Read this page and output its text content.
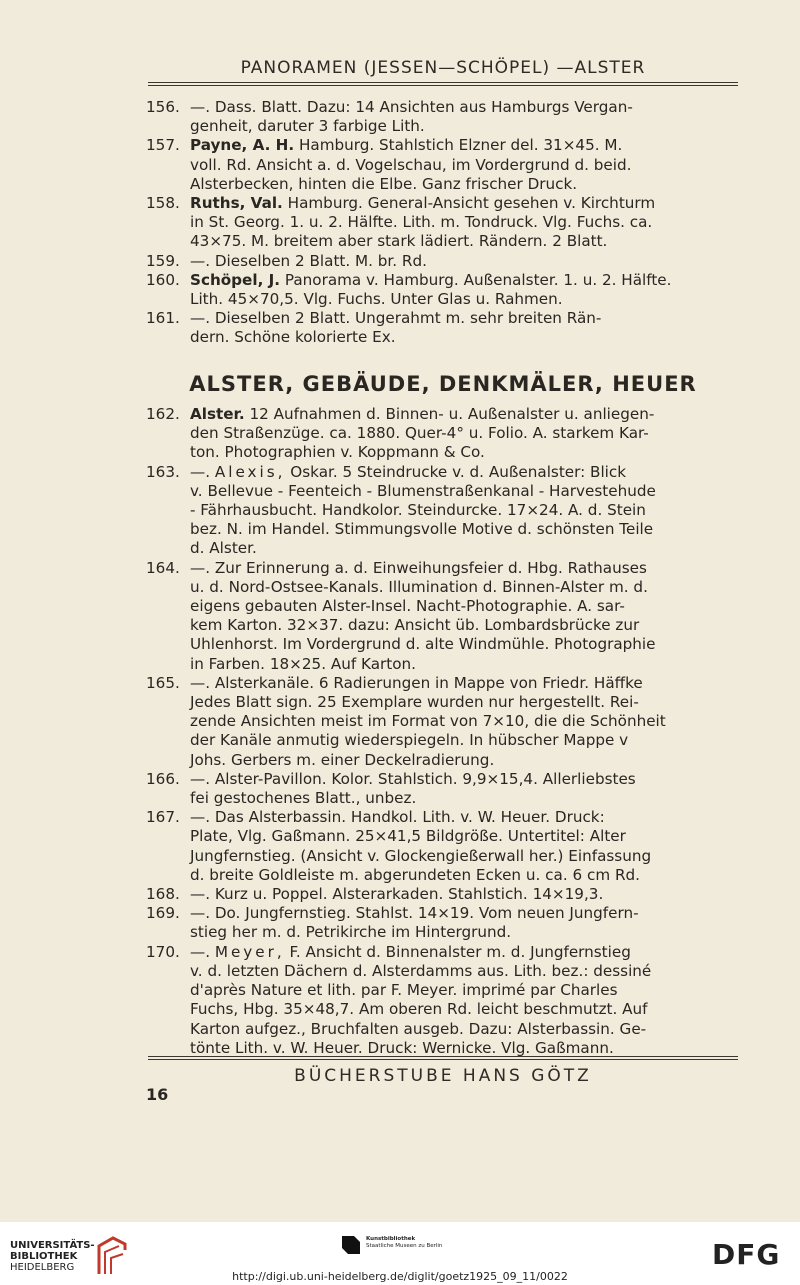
PANORAMEN (JESSEN—SCHÖPEL) —ALSTER
156. —. Dass. Blatt. Dazu: 14 Ansichten aus Hamburgs Vergan-
genheit, daruter 3 farbige Lith.
157. Payne, A. H. Hamburg. Stahlstich Elzner del. 31×45. M.
voll. Rd. Ansicht a. d. Vogelschau, im Vordergrund d. beid.
Alsterbecken, hinten die Elbe. Ganz frischer Druck.
158. Ruths, Val. Hamburg. General-Ansicht gesehen v. Kirchturm
in St. Georg. 1. u. 2. Hälfte. Lith. m. Tondruck. Vlg. Fuchs. ca.
43×75. M. breitem aber stark lädiert. Rändern. 2 Blatt.
159. —. Dieselben 2 Blatt. M. br. Rd.
160. Schöpel, J. Panorama v. Hamburg. Außenalster. 1. u. 2. Hälfte.
Lith. 45×70,5. Vlg. Fuchs. Unter Glas u. Rahmen.
161. —. Dieselben 2 Blatt. Ungerahmt m. sehr breiten Rän-
dern. Schöne kolorierte Ex.
ALSTER, GEBÄUDE, DENKMÄLER, HEUER
162. Alster. 12 Aufnahmen d. Binnen- u. Außenalster u. anliegen-
den Straßenzüge. ca. 1880. Quer-4° u. Folio. A. starkem Kar-
ton. Photographien v. Koppmann & Co.
163. —. Alexis, Oskar. 5 Steindrucke v. d. Außenalster: Blick
v. Bellevue - Feenteich - Blumenstraßenkanal - Harvestehude
- Fährhausbucht. Handkolor. Steindurcke. 17×24. A. d. Stein
bez. N. im Handel. Stimmungsvolle Motive d. schönsten Teile
d. Alster.
164. —. Zur Erinnerung a. d. Einweihungsfeier d. Hbg. Rathauses
u. d. Nord-Ostsee-Kanals. Illumination d. Binnen-Alster m. d.
eigens gebauten Alster-Insel. Nacht-Photographie. A. sar-
kem Karton. 32×37. dazu: Ansicht üb. Lombardsbrücke zur
Uhlenhorst. Im Vordergrund d. alte Windmühle. Photographie
in Farben. 18×25. Auf Karton.
165. —. Alsterkanäle. 6 Radierungen in Mappe von Friedr. Häffke
Jedes Blatt sign. 25 Exemplare wurden nur hergestellt. Rei-
zende Ansichten meist im Format von 7×10, die die Schönheit
der Kanäle anmutig wiederspiegeln. In hübscher Mappe v
Johs. Gerbers m. einer Deckelradierung.
166. —. Alster-Pavillon. Kolor. Stahlstich. 9,9×15,4. Allerliebstes
fei gestochenes Blatt., unbez.
167. —. Das Alsterbassin. Handkol. Lith. v. W. Heuer. Druck:
Plate, Vlg. Gaßmann. 25×41,5 Bildgröße. Untertitel: Alter
Jungfernstieg. (Ansicht v. Glockengießerwall her.) Einfassung
d. breite Goldleiste m. abgerundeten Ecken u. ca. 6 cm Rd.
168. —. Kurz u. Poppel. Alsterarkaden. Stahlstich. 14×19,3.
169. —. Do. Jungfernstieg. Stahlst. 14×19. Vom neuen Jungfern-
stieg her m. d. Petrikirche im Hintergrund.
170. —. Meyer, F. Ansicht d. Binnenalster m. d. Jungfernstieg
v. d. letzten Dächern d. Alsterdamms aus. Lith. bez.: dessiné
d'après Nature et lith. par F. Meyer. imprimé par Charles
Fuchs, Hbg. 35×48,7. Am oberen Rd. leicht beschmutzt. Auf
Karton aufgez., Bruchfalten ausgeb. Dazu: Alsterbassin. Ge-
tönte Lith. v. W. Heuer. Druck: Wernicke. Vlg. Gaßmann.
BÜCHERSTUBE HANS GÖTZ
16
UNIVERSITÄTS-
BIBLIOTHEK
HEIDELBERG
Kunstbibliothek
Staatliche Museen zu Berlin	DFG
http://digi.ub.uni-heidelberg.de/diglit/goetz1925_09_11/0022
